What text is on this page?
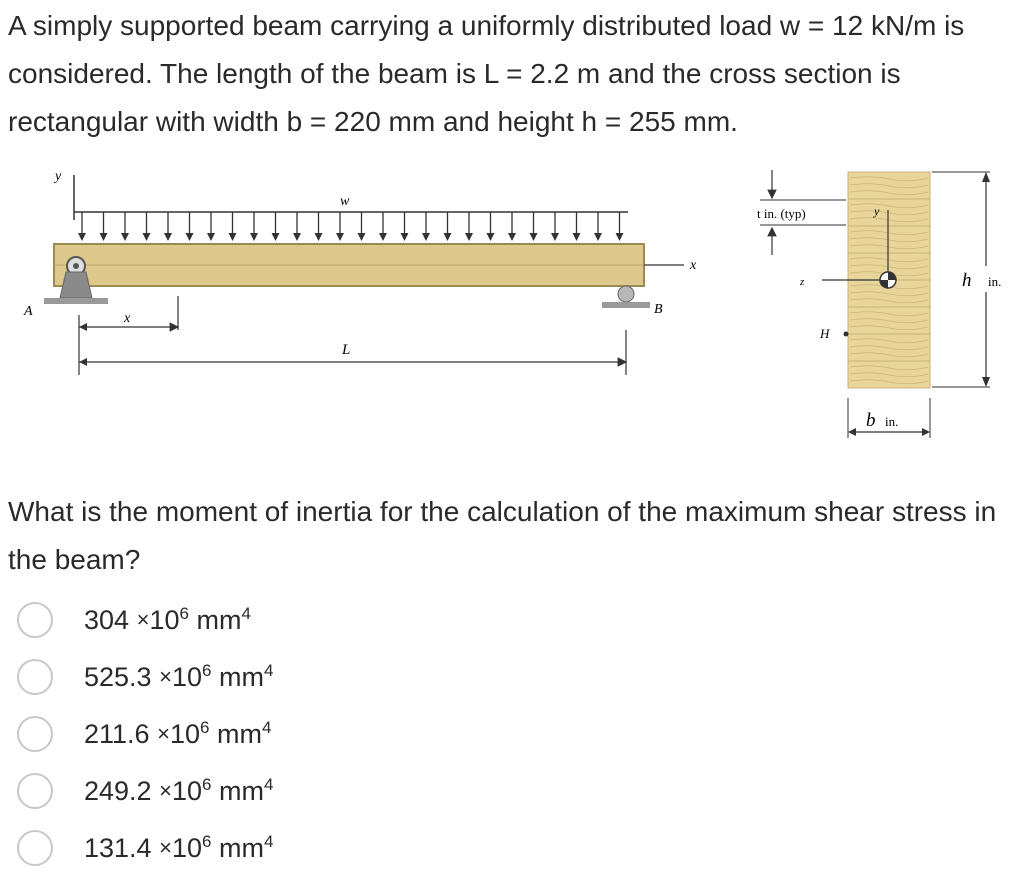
A simply supported beam carrying a uniformly distributed load w = 12 kN/m is considered. The length of the beam is L = 2.2 m and the cross section is rectangular with width b = 220 mm and height h = 255 mm.
y
w
x
A	B
x
L
t in. (typ)	y
z
H
h in.
b in.
What is the moment of inertia for the calculation of the maximum shear stress in the beam?
$304 \times 10^6$ $mm^4$
$525.3 \times 10^6$ $mm^4$
$211.6 \times 10^6$ $mm^4$
$249.2 \times 10^6$ $mm^4$
$131.4 \times 10^6$ $mm^4$
